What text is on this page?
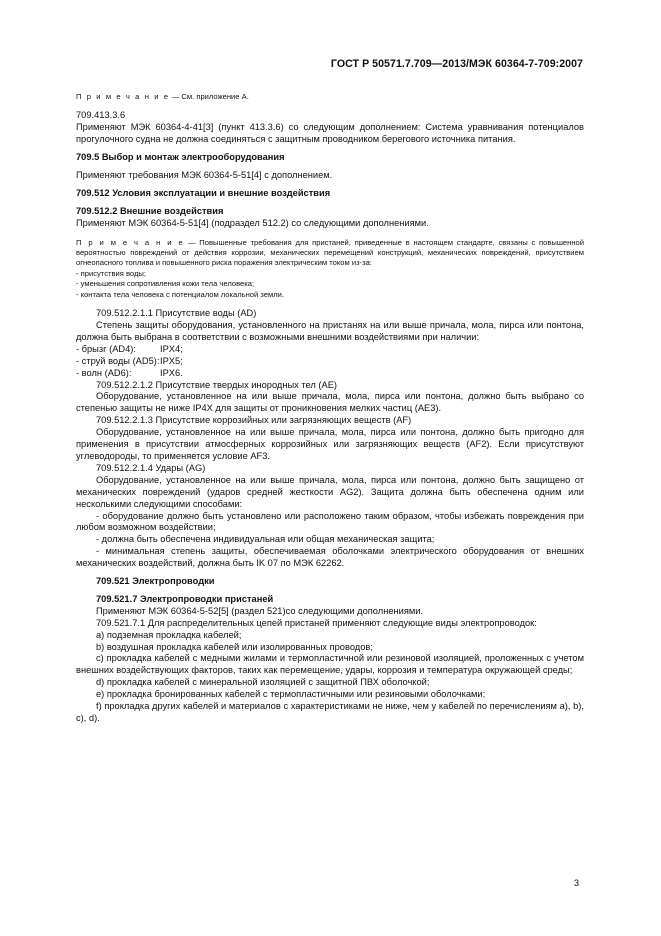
ГОСТ Р 50571.7.709—2013/МЭК 60364-7-709:2007

П р и м е ч а н и е — См. приложение А.

709.413.3.6

Применяют МЭК 60364-4-41[3] (пункт 413.3.6) со следующим дополнением: Система уравнивания потенциалов прогулочного судна не должна соединяться с защитным проводником берегового источника питания.

709.5 Выбор и монтаж электрооборудования

Применяют требования МЭК 60364-5-51[4] с дополнением.

709.512 Условия эксплуатации и внешние воздействия

709.512.2 Внешние воздействия

Применяют МЭК 60364-5-51[4] (подраздел 512.2) со следующими дополнениями.

П р и м е ч а н и е — Повышенные требования для пристаней, приведенные в настоящем стандарте, связаны с повышенной вероятностью повреждений от действия коррозии, механических перемещений конструкций, механических повреждений, присутствием огнеопасного топлива и повышенного риска поражения электрическим током из-за:

- присутствия воды;

- уменьшения сопротивления кожи тела человека;

- контакта тела человека с потенциалом локальной земли.

709.512.2.1.1 Присутствие воды (AD)

Степень защиты оборудования, установленного на пристанях на или выше причала, мола, пирса или понтона, должна быть выбрана в соответствии с возможными внешними воздействиями при наличии:

- брызг (AD4):	IPX4;

- струй воды (AD5):IPX5;

- волн (AD6):	IPX6.

709.512.2.1.2 Присутствие твердых инородных тел (AE)

Оборудование, установленное на или выше причала, мола, пирса или понтона, должно быть выбрано со степенью защиты не ниже IP4X для защиты от проникновения мелких частиц (AE3).

709.512.2.1.3 Присутствие коррозийных или загрязняющих веществ (AF)

Оборудование, установленное на или выше причала, мола, пирса или понтона, должно быть пригодно для применения в присутствии атмосферных коррозийных или загрязняющих веществ (AF2). Если присутствуют углеводороды, то применяется условие AF3.

709.512.2.1.4 Удары (AG)

Оборудование, установленное на или выше причала, мола, пирса или понтона, должно быть защищено от механических повреждений (ударов средней жесткости AG2). Защита должна быть обеспечена одним или несколькими следующими способами:

- оборудование должно быть установлено или расположено таким образом, чтобы избежать повреждения при любом возможном воздействии;

- должна быть обеспечена индивидуальная или общая механическая защита;

- минимальная степень защиты, обеспечиваемая оболочками электрического оборудования от внешних механических воздействий, должна быть IK 07 по МЭК 62262.

709.521 Электропроводки

709.521.7 Электропроводки пристаней

Применяют МЭК 60364-5-52[5] (раздел 521)со следующими дополнениями.

709.521.7.1 Для распределительных цепей пристаней применяют следующие виды электропроводок:

a) подземная прокладка кабелей;

b) воздушная прокладка кабелей или изолированных проводов;

c) прокладка кабелей с медными жилами и термопластичной или резиновой изоляцией, проложенных с учетом внешних воздействующих факторов, таких как перемещение, удары, коррозия и температура окружающей среды;

d) прокладка кабелей с минеральной изоляцией с защитной ПВХ оболочкой;

e) прокладка бронированных кабелей с термопластичными или резиновыми оболочками;

f) прокладка других кабелей и материалов с характеристиками не ниже, чем у кабелей по перечислениям a), b), c), d).

3
